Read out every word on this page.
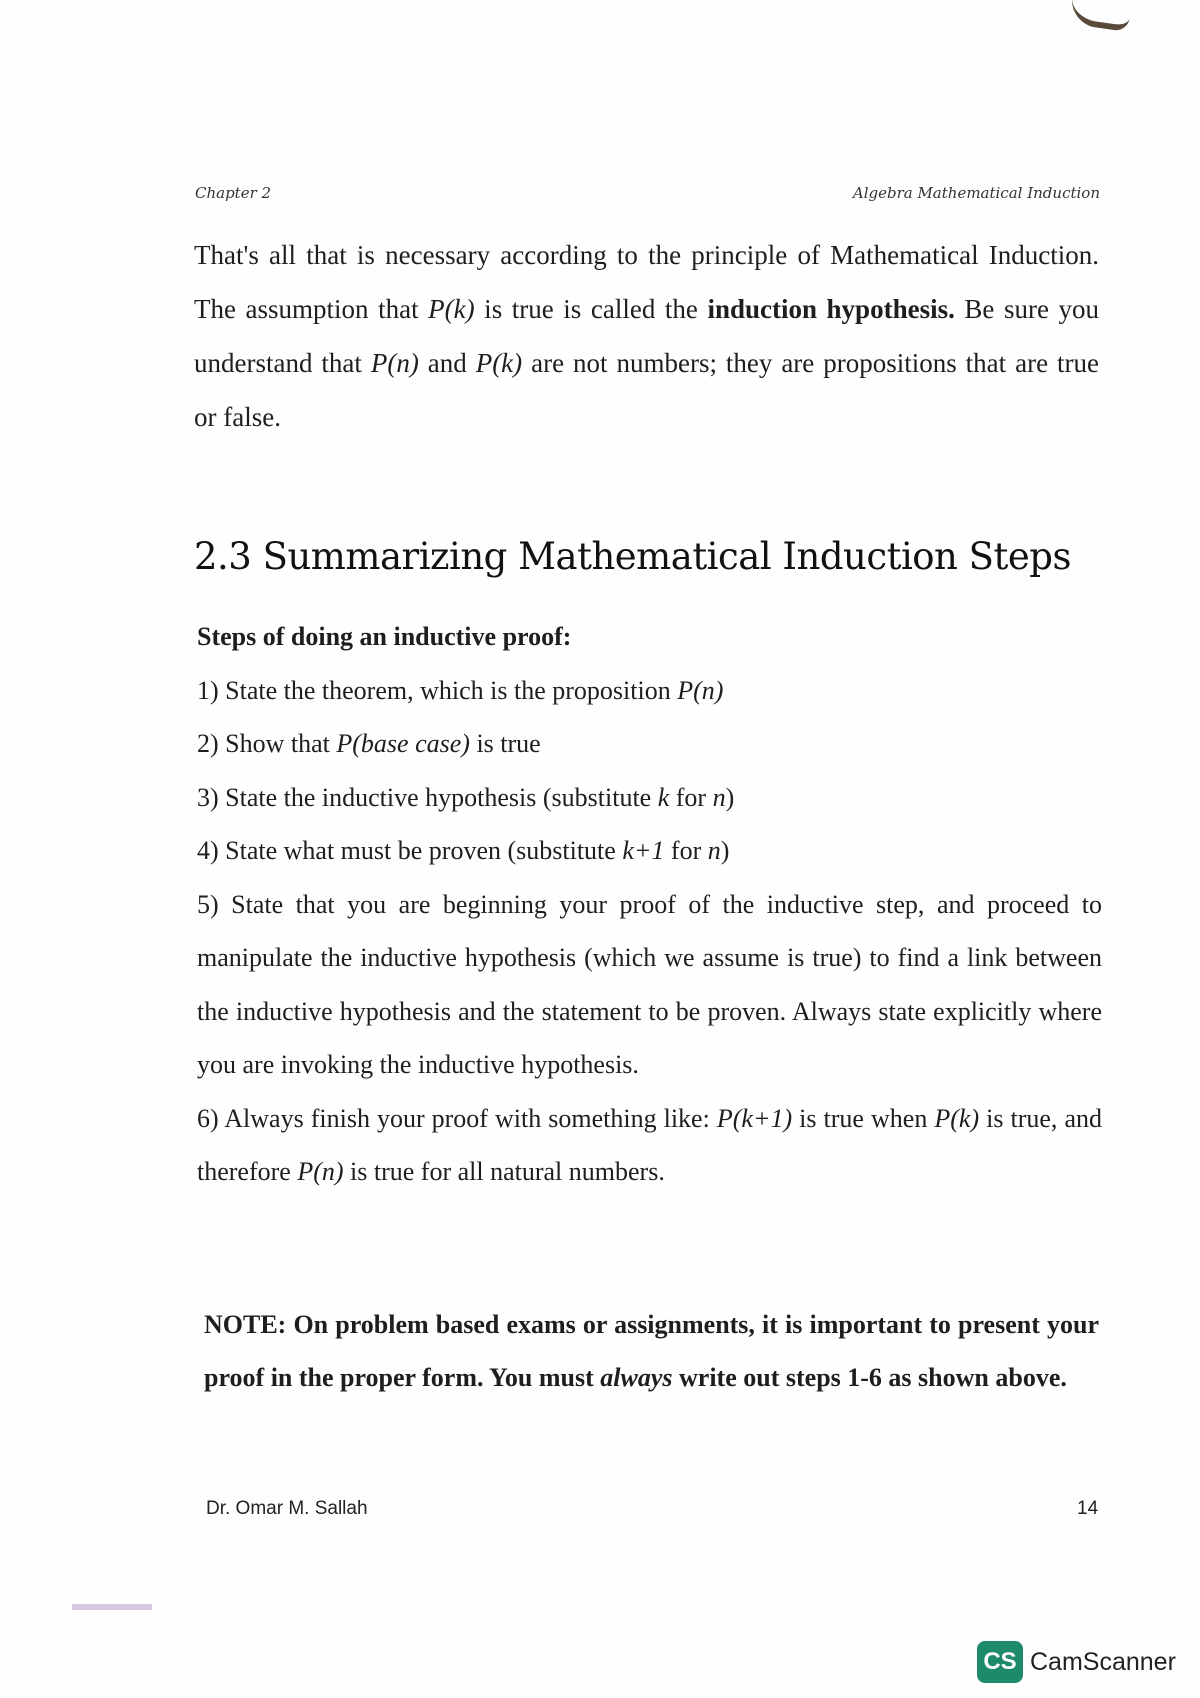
Chapter 2	Algebra Mathematical Induction

That's all that is necessary according to the principle of Mathematical Induction. The assumption that P(k) is true is called the induction hypothesis. Be sure you understand that P(n) and P(k) are not numbers; they are propositions that are true or false.

2.3 Summarizing Mathematical Induction Steps
Steps of doing an inductive proof:
1) State the theorem, which is the proposition P(n)
2) Show that P(base case) is true
3) State the inductive hypothesis (substitute k for n)
4) State what must be proven (substitute k+1 for n)
5) State that you are beginning your proof of the inductive step, and proceed to manipulate the inductive hypothesis (which we assume is true) to find a link between the inductive hypothesis and the statement to be proven. Always state explicitly where you are invoking the inductive hypothesis.
6) Always finish your proof with something like: P(k+1) is true when P(k) is true, and therefore P(n) is true for all natural numbers.

NOTE: On problem based exams or assignments, it is important to present your proof in the proper form. You must always write out steps 1-6 as shown above.

Dr. Omar M. Sallah	14
CS CamScanner
